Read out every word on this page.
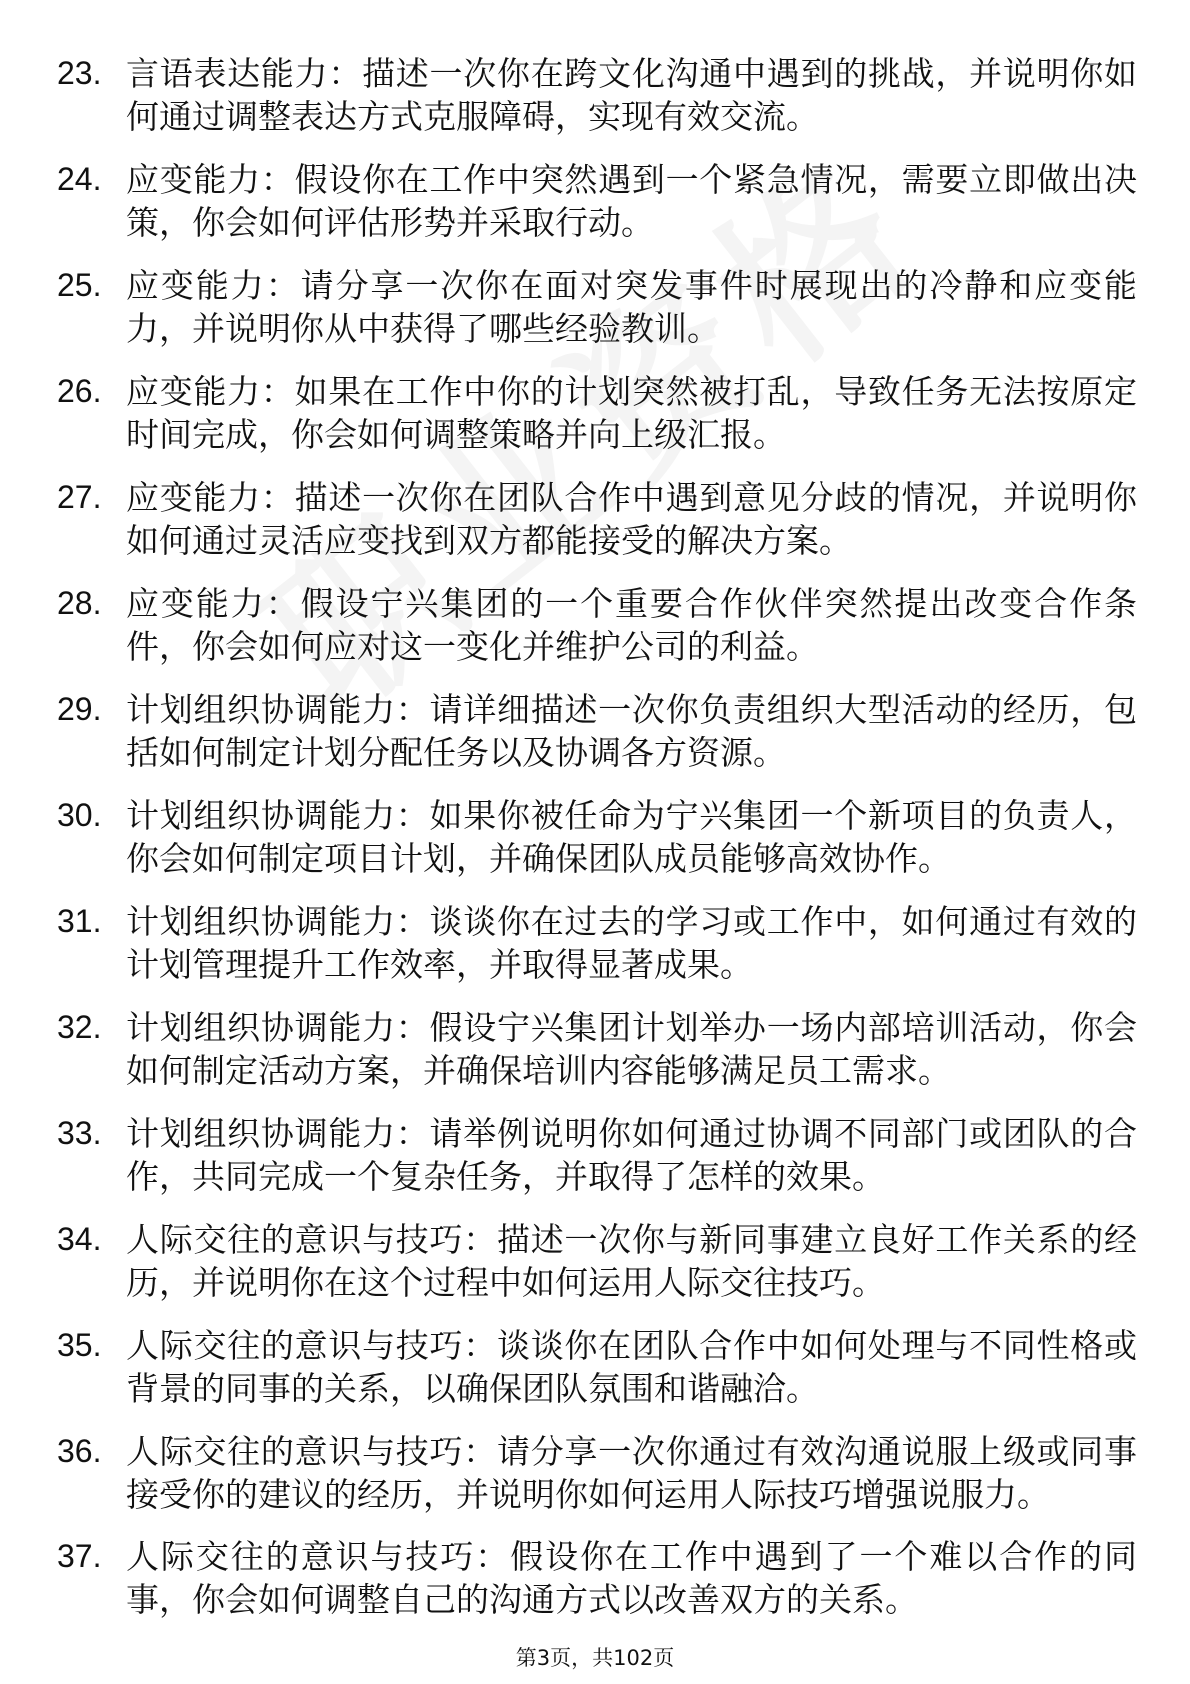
23. 言语表达能力：描述一次你在跨文化沟通中遇到的挑战，并说明你如何通过调整表达方式克服障碍，实现有效交流。
24. 应变能力：假设你在工作中突然遇到一个紧急情况，需要立即做出决策，你会如何评估形势并采取行动。
25. 应变能力：请分享一次你在面对突发事件时展现出的冷静和应变能力，并说明你从中获得了哪些经验教训。
26. 应变能力：如果在工作中你的计划突然被打乱，导致任务无法按原定时间完成，你会如何调整策略并向上级汇报。
27. 应变能力：描述一次你在团队合作中遇到意见分歧的情况，并说明你如何通过灵活应变找到双方都能接受的解决方案。
28. 应变能力：假设宁兴集团的一个重要合作伙伴突然提出改变合作条件，你会如何应对这一变化并维护公司的利益。
29. 计划组织协调能力：请详细描述一次你负责组织大型活动的经历，包括如何制定计划分配任务以及协调各方资源。
30. 计划组织协调能力：如果你被任命为宁兴集团一个新项目的负责人，你会如何制定项目计划，并确保团队成员能够高效协作。
31. 计划组织协调能力：谈谈你在过去的学习或工作中，如何通过有效的计划管理提升工作效率，并取得显著成果。
32. 计划组织协调能力：假设宁兴集团计划举办一场内部培训活动，你会如何制定活动方案，并确保培训内容能够满足员工需求。
33. 计划组织协调能力：请举例说明你如何通过协调不同部门或团队的合作，共同完成一个复杂任务，并取得了怎样的效果。
34. 人际交往的意识与技巧：描述一次你与新同事建立良好工作关系的经历，并说明你在这个过程中如何运用人际交往技巧。
35. 人际交往的意识与技巧：谈谈你在团队合作中如何处理与不同性格或背景的同事的关系，以确保团队氛围和谐融洽。
36. 人际交往的意识与技巧：请分享一次你通过有效沟通说服上级或同事接受你的建议的经历，并说明你如何运用人际技巧增强说服力。
37. 人际交往的意识与技巧：假设你在工作中遇到了一个难以合作的同事，你会如何调整自己的沟通方式以改善双方的关系。
第3页，共102页
